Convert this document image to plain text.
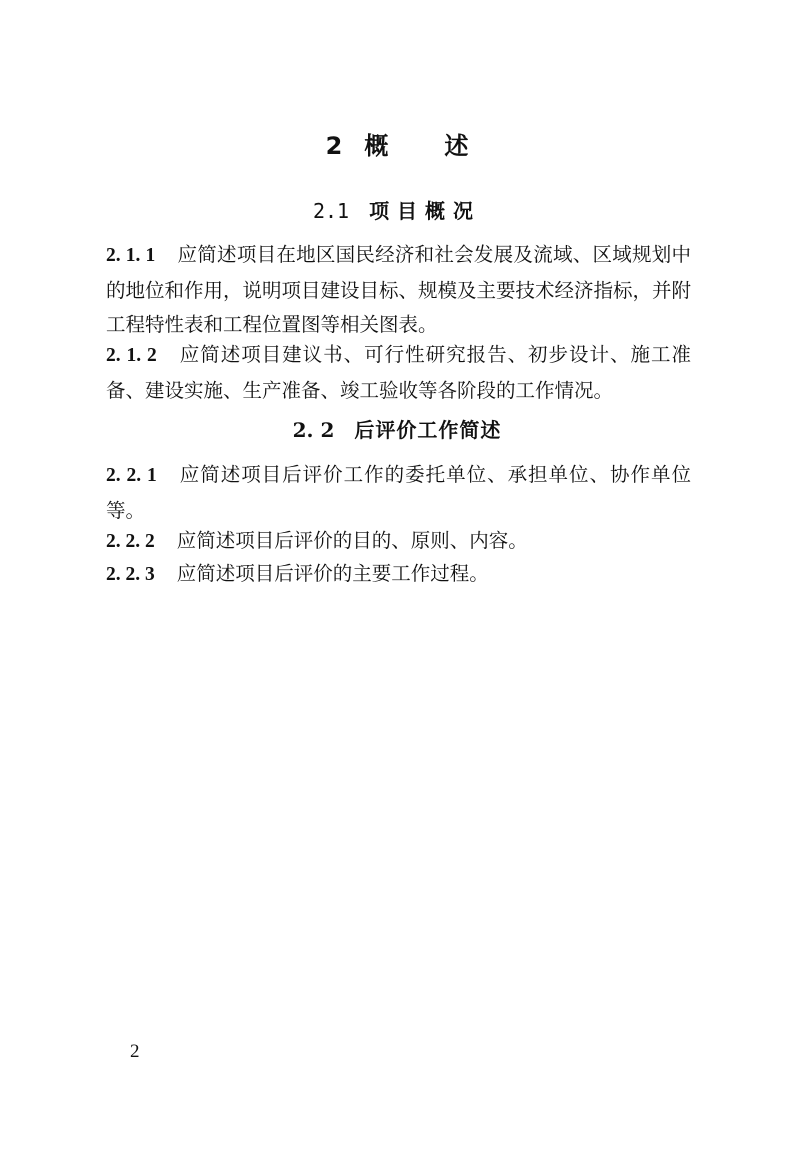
2 概 述
2.1 项目概况
2. 1. 1 应简述项目在地区国民经济和社会发展及流域、区域规划中的地位和作用，说明项目建设目标、规模及主要技术经济指标，并附工程特性表和工程位置图等相关图表。
2. 1. 2 应简述项目建议书、可行性研究报告、初步设计、施工准备、建设实施、生产准备、竣工验收等各阶段的工作情况。
2. 2 后评价工作简述
2. 2. 1 应简述项目后评价工作的委托单位、承担单位、协作单位等。
2. 2. 2 应简述项目后评价的目的、原则、内容。
2. 2. 3 应简述项目后评价的主要工作过程。
2
